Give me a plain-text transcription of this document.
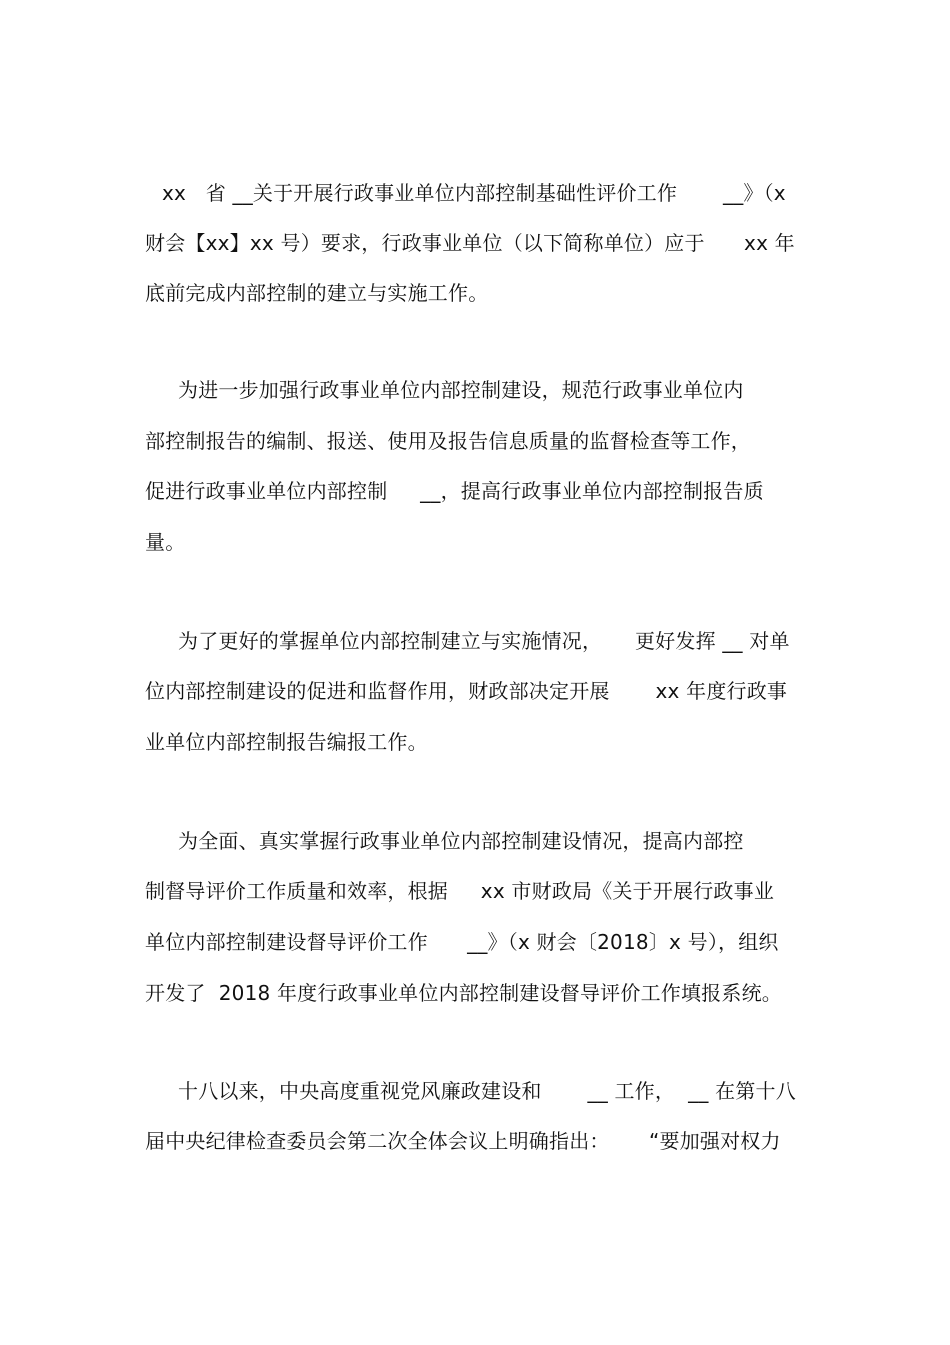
xx   省 __关于开展行政事业单位内部控制基础性评价工作       __》（x
财会【xx】xx 号）要求，行政事业单位（以下简称单位）应于      xx 年
底前完成内部控制的建立与实施工作。
为进一步加强行政事业单位内部控制建设，规范行政事业单位内
部控制报告的编制、报送、使用及报告信息质量的监督检查等工作，
促进行政事业单位内部控制     __，提高行政事业单位内部控制报告质
量。
为了更好的掌握单位内部控制建立与实施情况，     更好发挥 __ 对单
位内部控制建设的促进和监督作用，财政部决定开展       xx 年度行政事
业单位内部控制报告编报工作。
为全面、真实掌握行政事业单位内部控制建设情况，提高内部控
制督导评价工作质量和效率，根据     xx 市财政局《关于开展行政事业
单位内部控制建设督导评价工作      __》（x 财会〔2018〕x 号），组织
开发了  2018 年度行政事业单位内部控制建设督导评价工作填报系统。
十八以来，中央高度重视党风廉政建设和       __ 工作，  __ 在第十八
届中央纪律检查委员会第二次全体会议上明确指出：      “要加强对权力
